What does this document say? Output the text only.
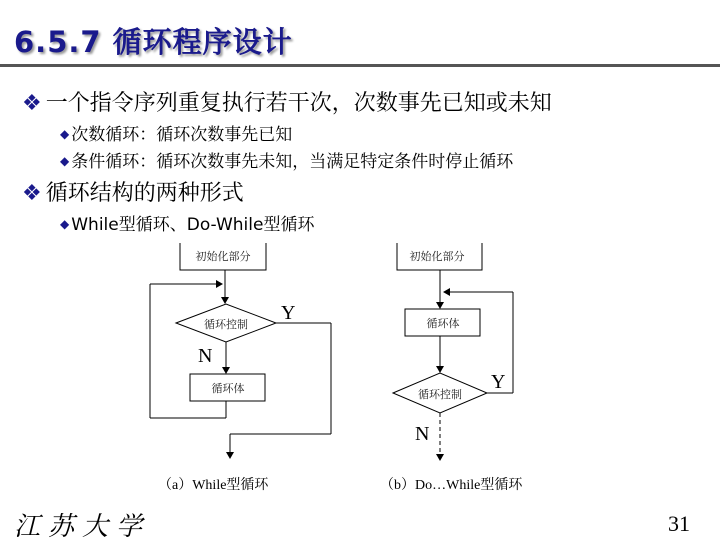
6.5.7 循环程序设计
❖ 一个指令序列重复执行若干次，次数事先已知或未知
◆ 次数循环：循环次数事先已知
◆ 条件循环：循环次数事先未知，当满足特定条件时停止循环
❖ 循环结构的两种形式
◆ While型循环、Do-While型循环
初始化部分
循环控制
循环体
Y
N
初始化部分
循环体
循环控制
Y
N
（a）While型循环	（b）Do…While型循环
江苏大学	31
